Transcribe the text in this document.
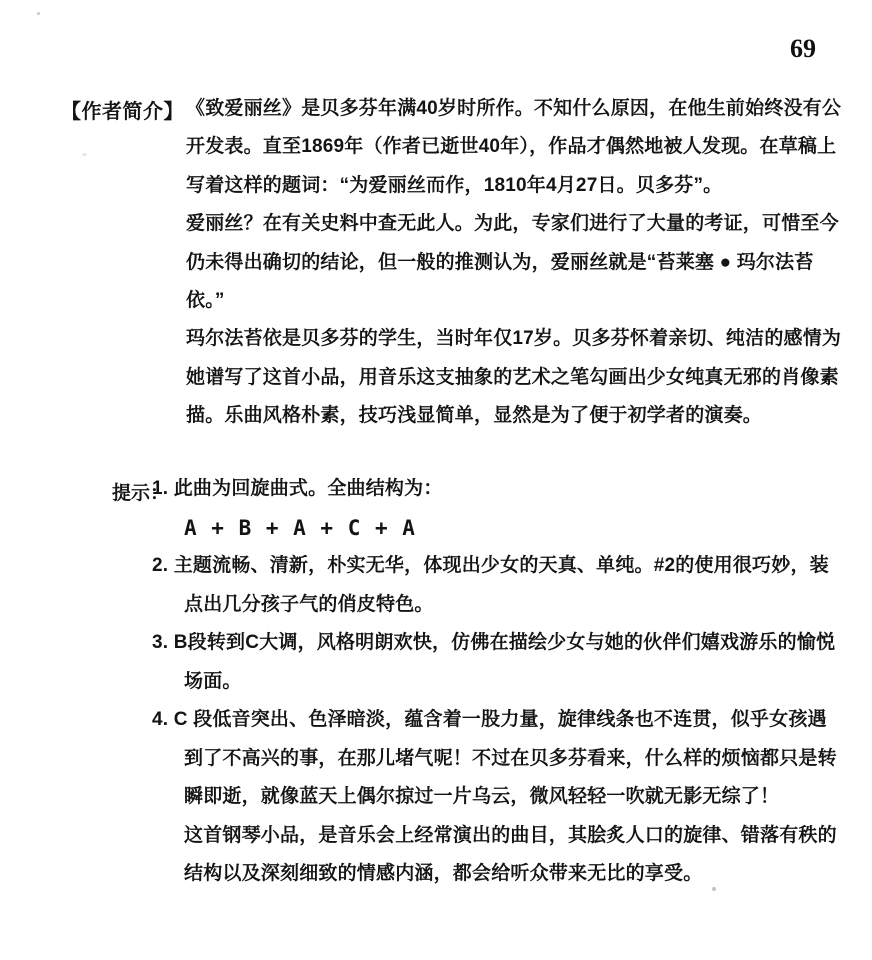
69
【作者简介】 《致爱丽丝》是贝多芬年满40岁时所作。不知什么原因，在他生前始终没有公
开发表。直至1869年（作者已逝世40年），作品才偶然地被人发现。在草稿上
写着这样的题词：“为爱丽丝而作，1810年4月27日。贝多芬”。
爱丽丝？在有关史料中查无此人。为此，专家们进行了大量的考证，可惜至今
仍未得出确切的结论，但一般的推测认为，爱丽丝就是“苔莱塞 ● 玛尔法苔
依。”
玛尔法苔依是贝多芬的学生，当时年仅17岁。贝多芬怀着亲切、纯洁的感情为
她谱写了这首小品，用音乐这支抽象的艺术之笔勾画出少女纯真无邪的肖像素
描。乐曲风格朴素，技巧浅显简单，显然是为了便于初学者的演奏。
提示：
1. 此曲为回旋曲式。全曲结构为：
A + B + A + C + A
2. 主题流畅、清新，朴实无华，体现出少女的天真、单纯。#2的使用很巧妙，装
点出几分孩子气的俏皮特色。
3. B段转到C大调，风格明朗欢快，仿佛在描绘少女与她的伙伴们嬉戏游乐的愉悦
场面。
4. C 段低音突出、色泽暗淡，蕴含着一股力量，旋律线条也不连贯，似乎女孩遇
到了不高兴的事，在那儿堵气呢！不过在贝多芬看来，什么样的烦恼都只是转
瞬即逝，就像蓝天上偶尔掠过一片乌云，微风轻轻一吹就无影无综了！
这首钢琴小品，是音乐会上经常演出的曲目，其脍炙人口的旋律、错落有秩的
结构以及深刻细致的情感内涵，都会给听众带来无比的享受。
